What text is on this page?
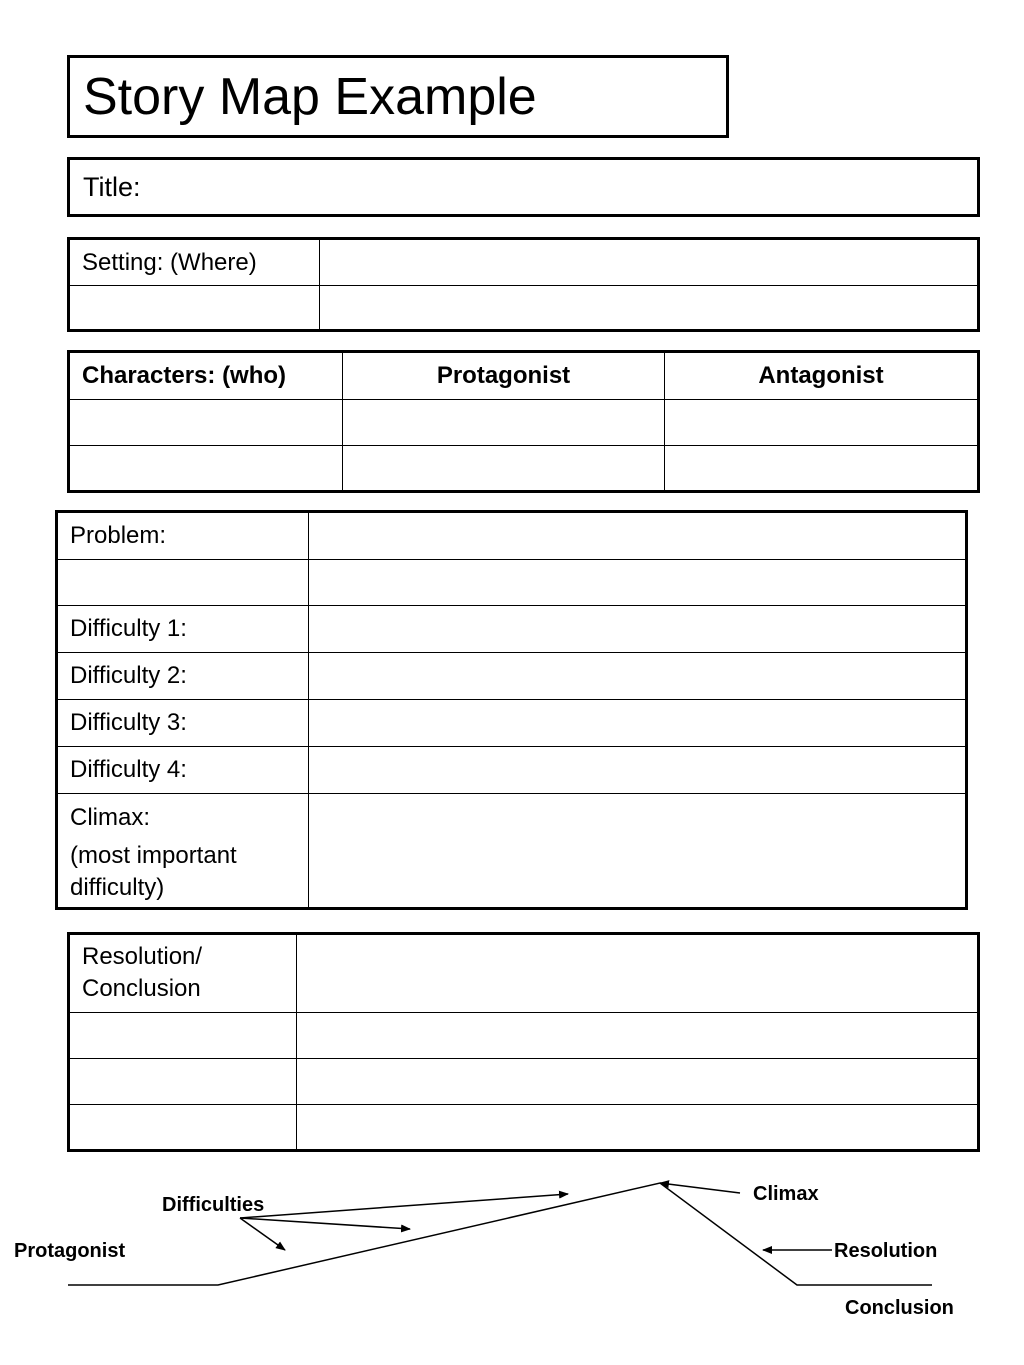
Story Map Example
Title:
Setting: (Where)	

Characters: (who)	Protagonist	Antagonist

Problem:	

Difficulty 1:	
Difficulty 2:	
Difficulty 3:	
Difficulty 4:	
Climax:
(most important difficulty)	

Resolution/
Conclusion	

Difficulties
Protagonist
Climax
Resolution
Conclusion
